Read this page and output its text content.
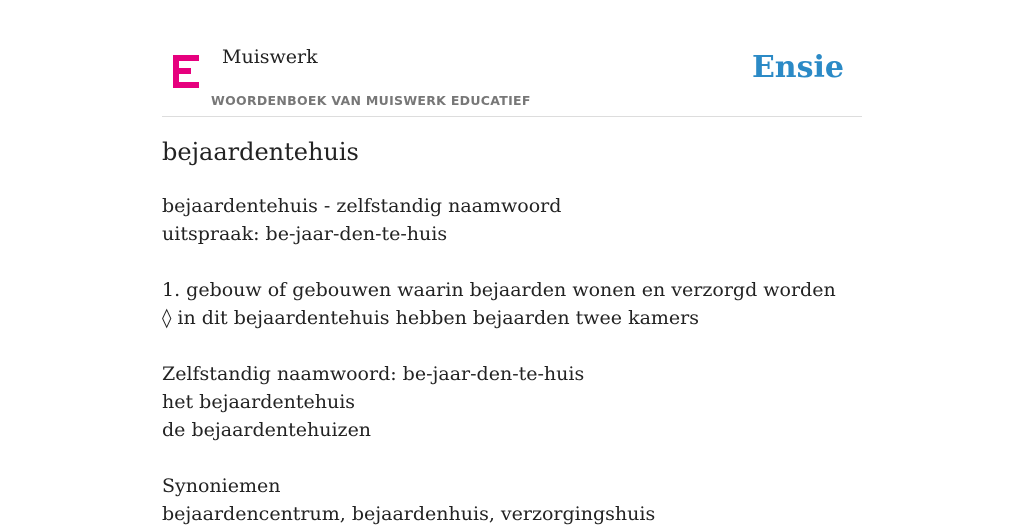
Muiswerk
WOORDENBOEK VAN MUISWERK EDUCATIEF
Ensie
bejaardentehuis
bejaardentehuis - zelfstandig naamwoord
uitspraak: be-jaar-den-te-huis
1. gebouw of gebouwen waarin bejaarden wonen en verzorgd worden
◊ in dit bejaardentehuis hebben bejaarden twee kamers
Zelfstandig naamwoord: be-jaar-den-te-huis
het bejaardentehuis
de bejaardentehuizen
Synoniemen
bejaardencentrum, bejaardenhuis, verzorgingshuis
